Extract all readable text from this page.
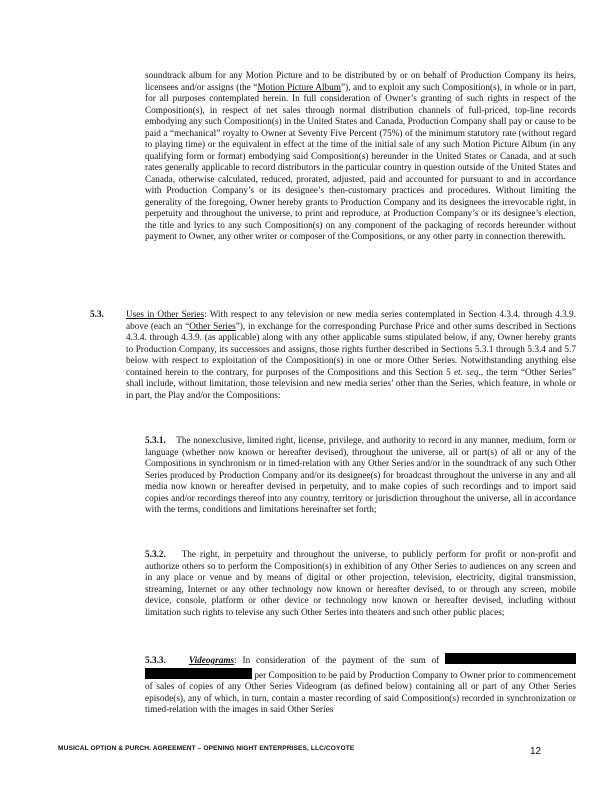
soundtrack album for any Motion Picture and to be distributed by or on behalf of Production Company its heirs, licensees and/or assigns (the “Motion Picture Album”), and to exploit any such Composition(s), in whole or in part, for all purposes contemplated herein. In full consideration of Owner’s granting of such rights in respect of the Composition(s), in respect of net sales through normal distribution channels of full-priced, top-line records embodying any such Composition(s) in the United States and Canada, Production Company shall pay or cause to be paid a “mechanical” royalty to Owner at Seventy Five Percent (75%) of the minimum statutory rate (without regard to playing time) or the equivalent in effect at the time of the initial sale of any such Motion Picture Album (in any qualifying form or format) embodying said Composition(s) hereunder in the United States or Canada, and at such rates generally applicable to record distributors in the particular country in question outside of the United States and Canada, otherwise calculated, reduced, prorated, adjusted, paid and accounted for pursuant to and in accordance with Production Company’s or its designee’s then-customary practices and procedures. Without limiting the generality of the foregoing, Owner hereby grants to Production Company and its designees the irrevocable right, in perpetuity and throughout the universe, to print and reproduce, at Production Company’s or its designee’s election, the title and lyrics to any such Composition(s) on any component of the packaging of records hereunder without payment to Owner, any other writer or composer of the Compositions, or any other party in connection therewith.

5.3. Uses in Other Series: With respect to any television or new media series contemplated in Section 4.3.4. through 4.3.9. above (each an “Other Series”), in exchange for the corresponding Purchase Price and other sums described in Sections 4.3.4. through 4.3.9. (as applicable) along with any other applicable sums stipulated below, if any, Owner hereby grants to Production Company, its successors and assigns, those rights further described in Sections 5.3.1 through 5.3.4 and 5.7 below with respect to exploitation of the Composition(s) in one or more Other Series. Notwithstanding anything else contained herein to the contrary, for purposes of the Compositions and this Section 5 et. seq., the term “Other Series” shall include, without limitation, those television and new media series’ other than the Series, which feature, in whole or in part, the Play and/or the Compositions:

5.3.1. The nonexclusive, limited right, license, privilege, and authority to record in any manner, medium, form or language (whether now known or hereafter devised), throughout the universe, all or part(s) of all or any of the Compositions in synchronism or in timed-relation with any Other Series and/or in the soundtrack of any such Other Series produced by Production Company and/or its designee(s) for broadcast throughout the universe in any and all media now known or hereafter devised in perpetuity, and to make copies of such recordings and to import said copies and/or recordings thereof into any country, territory or jurisdiction throughout the universe, all in accordance with the terms, conditions and limitations hereinafter set forth;

5.3.2. The right, in perpetuity and throughout the universe, to publicly perform for profit or non-profit and authorize others so to perform the Composition(s) in exhibition of any Other Series to audiences on any screen and in any place or venue and by means of digital or other projection, television, electricity, digital transmission, streaming, Internet or any other technology now known or hereafter devised, to or through any screen, mobile device, console, platform or other device or technology now known or hereafter devised, including without limitation such rights to televise any such Other Series into theaters and such other public places;

5.3.3. Videograms: In consideration of the payment of the sum of   per Composition to be paid by Production Company to Owner prior to commencement of sales of copies of any Other Series Videogram (as defined below) containing all or part of any Other Series episode(s), any of which, in turn, contain a master recording of said Composition(s) recorded in synchronization or timed-relation with the images in said Other Series

MUSICAL OPTION & PURCH. AGREEMENT – OPENING NIGHT ENTERPRISES, LLC/COYOTE	12
